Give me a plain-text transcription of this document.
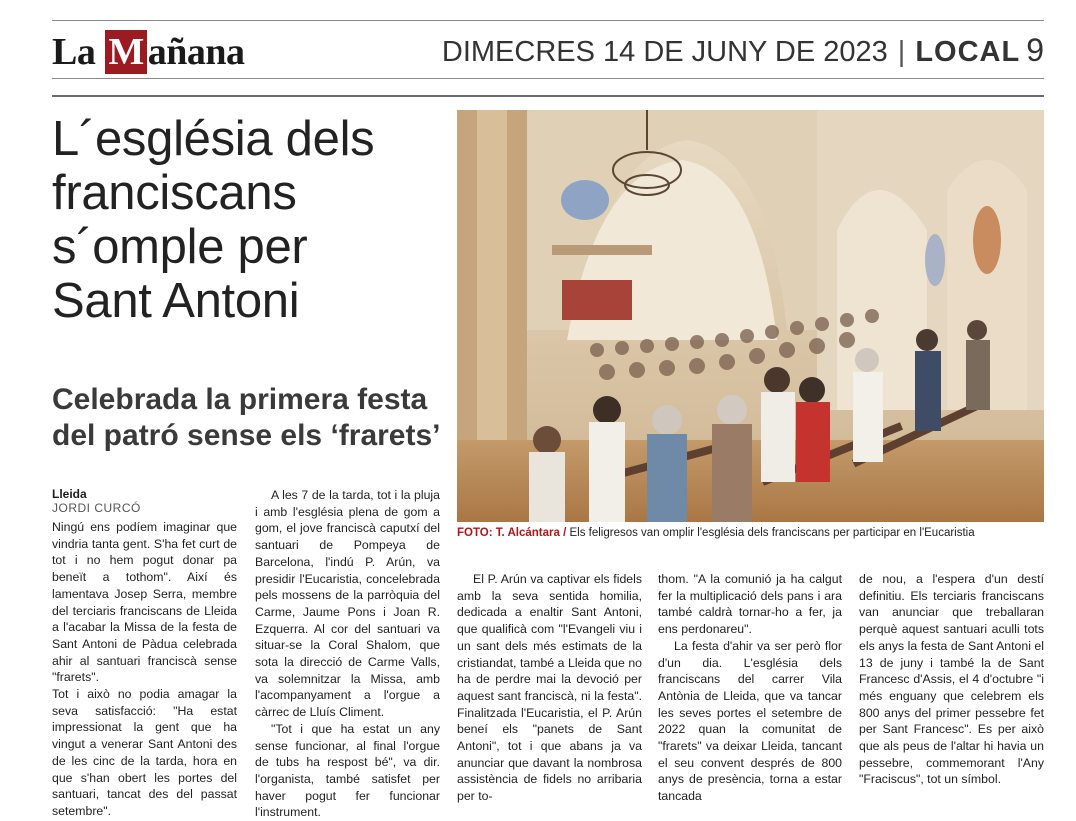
La M añana	DIMECRES 14 DE JUNY DE 2023 | LOCAL 9
L´església dels
franciscans
s´omple per
Sant Antoni
Celebrada la primera festa
del patró sense els ‘frarets’
FOTO: T. Alcántara / Els feligresos van omplir l'església dels franciscans per participar en l'Eucaristia
Lleida
JORDI CURCÓ

Ningú ens podíem imaginar que vindria tanta gent. S'ha fet curt de tot i no hem pogut donar pa beneït a tothom". Així és lamentava Josep Serra, membre del terciaris franciscans de Lleida a l'acabar la Missa de la festa de Sant Antoni de Pàdua celebrada ahir al santuari franciscà sense "frarets".

Tot i això no podia amagar la seva satisfacció: "Ha estat impressionat la gent que ha vingut a venerar Sant Antoni des de les cinc de la tarda, hora en que s'han obert les portes del santuari, tancat des del passat setembre".

A les 7 de la tarda, tot i la pluja i amb l'església plena de gom a gom, el jove franciscà caputxí del santuari de Pompeya de Barcelona, l'indú P. Arún, va presidir l'Eucaristia, concelebrada pels mossens de la parròquia del Carme, Jaume Pons i Joan R. Ezquerra. Al cor del santuari va situar-se la Coral Shalom, que sota la direcció de Carme Valls, va solemnitzar la Missa, amb l'acompanyament a l'orgue a càrrec de Lluís Climent.

"Tot i que ha estat un any sense funcionar, al final l'orgue de tubs ha respost bé", va dir. l'organista, també satisfet per haver pogut fer funcionar l'instrument.

El P. Arún va captivar els fidels amb la seva sentida homilia, dedicada a enaltir Sant Antoni, que qualificà com "l'Evangeli viu i un sant dels més estimats de la cristiandat, també a Lleida que no ha de perdre mai la devoció per aquest sant franciscà, ni la festa". Finalitzada l'Eucaristia, el P. Arún beneí els "panets de Sant Antoni", tot i que abans ja va anunciar que davant la nombrosa assistència de fidels no arribaria per to-

thom. "A la comunió ja ha calgut fer la multiplicació dels pans i ara també caldrà tornar-ho a fer, ja ens perdonareu".

La festa d'ahir va ser però flor d'un dia. L'església dels franciscans del carrer Vila Antònia de Lleida, que va tancar les seves portes el setembre de 2022 quan la comunitat de "frarets" va deixar Lleida, tancant el seu convent després de 800 anys de presència, torna a estar tancada

de nou, a l'espera d'un destí definitiu. Els terciaris franciscans van anunciar que treballaran perquè aquest santuari aculli tots els anys la festa de Sant Antoni el 13 de juny i també la de Sant Francesc d'Assis, el 4 d'octubre "i més enguany que celebrem els 800 anys del primer pessebre fet per Sant Francesc". Es per això que als peus de l'altar hi havia un pessebre, commemorant l'Any "Fraciscus", tot un símbol.
